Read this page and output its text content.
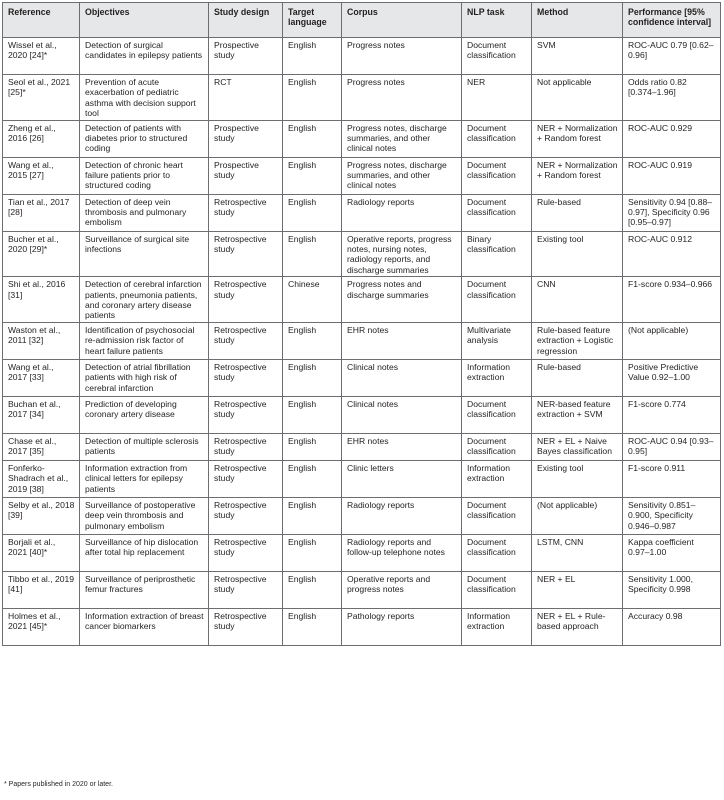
Reference	Objectives	Study design	Target language	Corpus	NLP task	Method	Performance [95% confidence interval]
Wissel et al., 2020 [24]*	Detection of surgical candidates in epilepsy patients	Prospective study	English	Progress notes	Document classification	SVM	ROC-AUC 0.79 [0.62–0.96]
Seol et al., 2021 [25]*	Prevention of acute exacerbation of pediatric asthma with decision support tool	RCT	English	Progress notes	NER	Not applicable	Odds ratio 0.82 [0.374–1.96]
Zheng et al., 2016 [26]	Detection of patients with diabetes prior to structured coding	Prospective study	English	Progress notes, discharge summaries, and other clinical notes	Document classification	NER + Normalization + Random forest	ROC-AUC 0.929
Wang et al., 2015 [27]	Detection of chronic heart failure patients prior to structured coding	Prospective study	English	Progress notes, discharge summaries, and other clinical notes	Document classification	NER + Normalization + Random forest	ROC-AUC 0.919
Tian et al., 2017 [28]	Detection of deep vein thrombosis and pulmonary embolism	Retrospective study	English	Radiology reports	Document classification	Rule-based	Sensitivity 0.94 [0.88–0.97], Specificity 0.96 [0.95–0.97]
Bucher et al., 2020 [29]*	Surveillance of surgical site infections	Retrospective study	English	Operative reports, progress notes, nursing notes, radiology reports, and discharge summaries	Binary classification	Existing tool	ROC-AUC 0.912
Shi et al., 2016 [31]	Detection of cerebral infarction patients, pneumonia patients, and coronary artery disease patients	Retrospective study	Chinese	Progress notes and discharge summaries	Document classification	CNN	F1-score 0.934–0.966
Waston et al., 2011 [32]	Identification of psychosocial re-admission risk factor of heart failure patients	Retrospective study	English	EHR notes	Multivariate analysis	Rule-based feature extraction + Logistic regression	(Not applicable)
Wang et al., 2017 [33]	Detection of atrial fibrillation patients with high risk of cerebral infarction	Retrospective study	English	Clinical notes	Information extraction	Rule-based	Positive Predictive Value 0.92–1.00
Buchan et al., 2017 [34]	Prediction of developing coronary artery disease	Retrospective study	English	Clinical notes	Document classification	NER-based feature extraction + SVM	F1-score 0.774
Chase et al., 2017 [35]	Detection of multiple sclerosis patients	Retrospective study	English	EHR notes	Document classification	NER + EL + Naive Bayes classification	ROC-AUC 0.94 [0.93–0.95]
Fonferko-Shadrach et al., 2019 [38]	Information extraction from clinical letters for epilepsy patients	Retrospective study	English	Clinic letters	Information extraction	Existing tool	F1-score 0.911
Selby et al., 2018 [39]	Surveillance of postoperative deep vein thrombosis and pulmonary embolism	Retrospective study	English	Radiology reports	Document classification	(Not applicable)	Sensitivity 0.851–0.900, Specificity 0.946–0.987
Borjali et al., 2021 [40]*	Surveillance of hip dislocation after total hip replacement	Retrospective study	English	Radiology reports and follow-up telephone notes	Document classification	LSTM, CNN	Kappa coefficient 0.97–1.00
Tibbo et al., 2019 [41]	Surveillance of periprosthetic femur fractures	Retrospective study	English	Operative reports and progress notes	Document classification	NER + EL	Sensitivity 1.000, Specificity 0.998
Holmes et al., 2021 [45]*	Information extraction of breast cancer biomarkers	Retrospective study	English	Pathology reports	Information extraction	NER + EL + Rule-based approach	Accuracy 0.98
* Papers published in 2020 or later.
